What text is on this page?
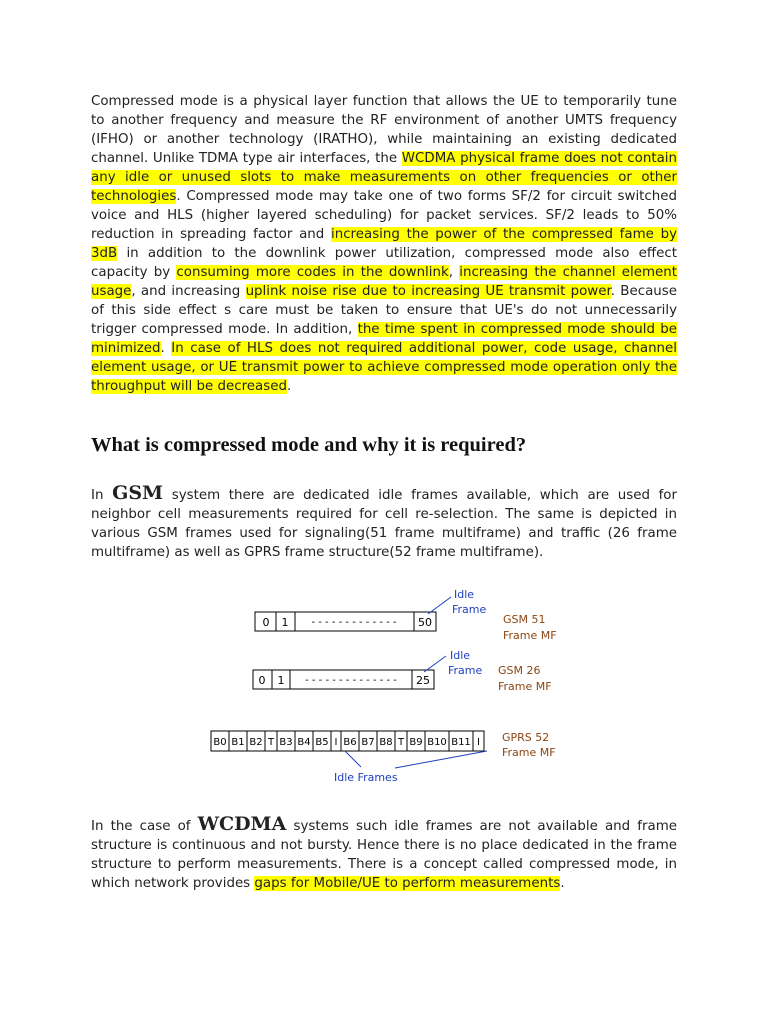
Compressed mode is a physical layer function that allows the UE to temporarily tune to another frequency and measure the RF environment of another UMTS frequency (IFHO) or another technology (IRATHO), while maintaining an existing dedicated channel. Unlike TDMA type air interfaces, the WCDMA physical frame does not contain any idle or unused slots to make measurements on other frequencies or other technologies. Compressed mode may take one of two forms SF/2 for circuit switched voice and HLS (higher layered scheduling) for packet services. SF/2 leads to 50% reduction in spreading factor and increasing the power of the compressed fame by 3dB in addition to the downlink power utilization, compressed mode also effect capacity by consuming more codes in the downlink, increasing the channel element usage, and increasing uplink noise rise due to increasing UE transmit power. Because of this side effect s care must be taken to ensure that UE's do not unnecessarily trigger compressed mode. In addition, the time spent in compressed mode should be minimized. In case of HLS does not required additional power, code usage, channel element usage, or UE transmit power to achieve compressed mode operation only the throughput will be decreased.

What is compressed mode and why it is required?

In GSM system there are dedicated idle frames available, which are used for neighbor cell measurements required for cell re-selection. The same is depicted in various GSM frames used for signaling(51 frame multiframe) and traffic (26 frame multiframe) as well as GPRS frame structure(52 frame multiframe).

0 1 - - - - - - - - - - - - - 50
Idle
Frame
GSM 51
Frame MF
0 1 - - - - - - - - - - - - - - 25
Idle
Frame GSM 26
Frame MF
B0 B1 B2 T B3 B4 B5 I B6 B7 B8 T B9 B10 B11 I
Idle Frames
GPRS 52
Frame MF

In the case of WCDMA systems such idle frames are not available and frame structure is continuous and not bursty. Hence there is no place dedicated in the frame structure to perform measurements. There is a concept called compressed mode, in which network provides gaps for Mobile/UE to perform measurements.
